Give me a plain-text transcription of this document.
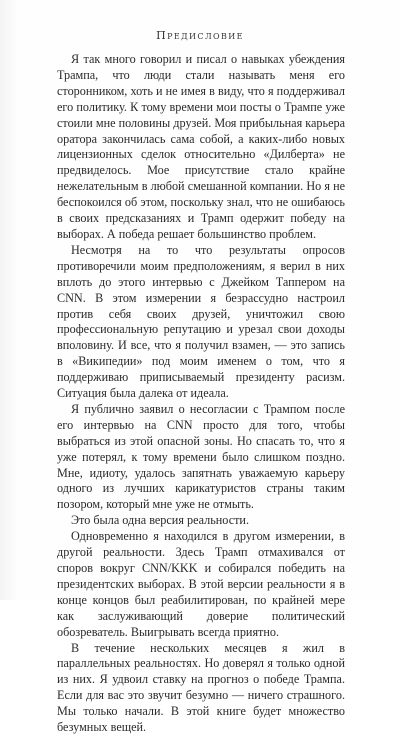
Предисловие

Я так много говорил и писал о навыках убеждения Трампа, что люди стали называть меня его сторонником, хоть и не имея в виду, что я поддерживал его политику. К тому времени мои посты о Трампе уже стоили мне половины друзей. Моя прибыльная карьера оратора закончилась сама собой, а каких-либо новых лицензионных сделок относительно «Дилберта» не предвиделось. Мое присутствие стало крайне нежелательным в любой смешанной компании. Но я не беспокоился об этом, поскольку знал, что не ошибаюсь в своих предсказаниях и Трамп одержит победу на выборах. А победа решает большинство проблем.

Несмотря на то что результаты опросов противоречили моим предположениям, я верил в них вплоть до этого интервью с Джейком Таппером на CNN. В этом измерении я безрассудно настроил против себя своих друзей, уничтожил свою профессиональную репутацию и урезал свои доходы вполовину. И все, что я получил взамен, — это запись в «Википедии» под моим именем о том, что я поддерживаю приписываемый президенту расизм. Ситуация была далека от идеала.

Я публично заявил о несогласии с Трампом после его интервью на CNN просто для того, чтобы выбраться из этой опасной зоны. Но спасать то, что я уже потерял, к тому времени было слишком поздно. Мне, идиоту, удалось запятнать уважаемую карьеру одного из лучших карикатуристов страны таким позором, который мне уже не отмыть.

Это была одна версия реальности.

Одновременно я находился в другом измерении, в другой реальности. Здесь Трамп отмахивался от споров вокруг CNN/KKK и собирался победить на президентских выборах. В этой версии реальности я в конце концов был реабилитирован, по крайней мере как заслуживающий доверие политический обозреватель. Выигрывать всегда приятно.

В течение нескольких месяцев я жил в параллельных реальностях. Но доверял я только одной из них. Я удвоил ставку на прогноз о победе Трампа. Если для вас это звучит безумно — ничего страшного. Мы только начали. В этой книге будет множество безумных вещей.
